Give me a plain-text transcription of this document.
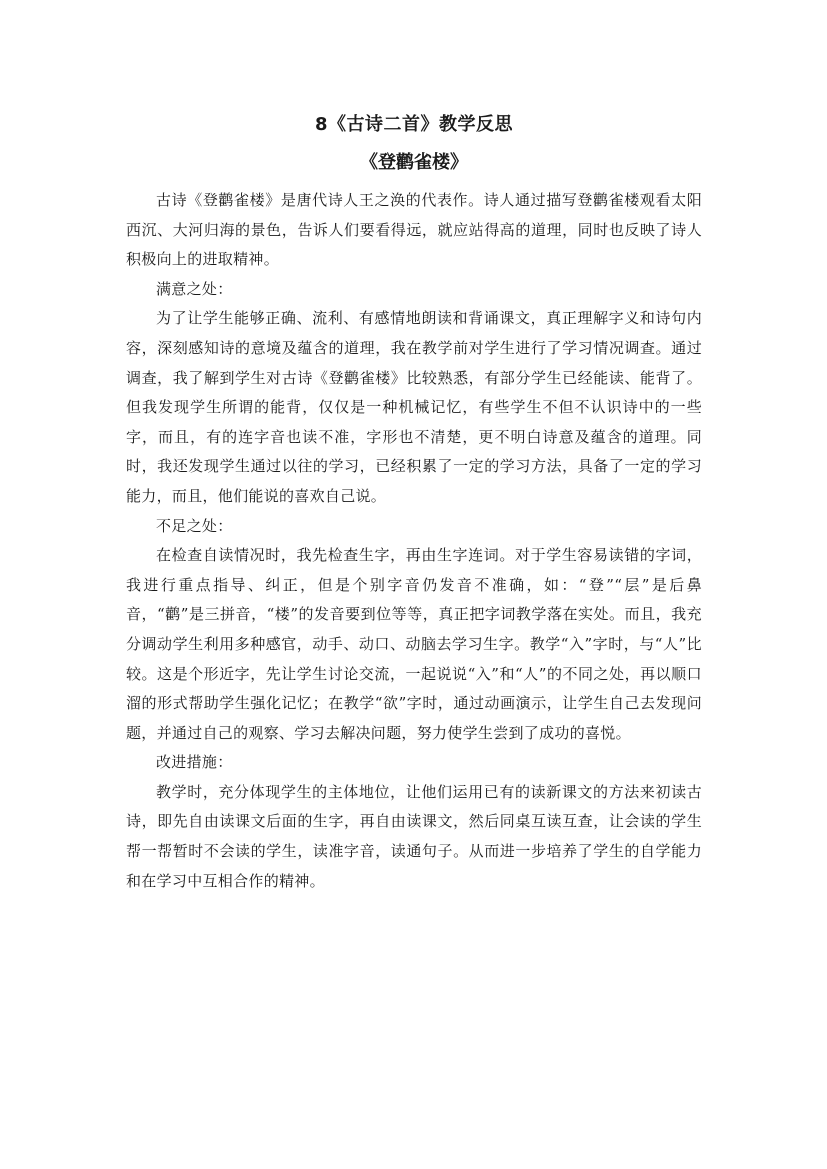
8《古诗二首》教学反思
《登鹳雀楼》

古诗《登鹳雀楼》是唐代诗人王之涣的代表作。诗人通过描写登鹳雀楼观看太阳西沉、大河归海的景色，告诉人们要看得远，就应站得高的道理，同时也反映了诗人积极向上的进取精神。

满意之处：

为了让学生能够正确、流利、有感情地朗读和背诵课文，真正理解字义和诗句内容，深刻感知诗的意境及蕴含的道理，我在教学前对学生进行了学习情况调查。通过调查，我了解到学生对古诗《登鹳雀楼》比较熟悉，有部分学生已经能读、能背了。但我发现学生所谓的能背，仅仅是一种机械记忆，有些学生不但不认识诗中的一些字，而且，有的连字音也读不准，字形也不清楚，更不明白诗意及蕴含的道理。同时，我还发现学生通过以往的学习，已经积累了一定的学习方法，具备了一定的学习能力，而且，他们能说的喜欢自己说。

不足之处：

在检查自读情况时，我先检查生字，再由生字连词。对于学生容易读错的字词，我进行重点指导、纠正，但是个别字音仍发音不准确，如：“登”“层”是后鼻音，“鹳”是三拼音，“楼”的发音要到位等等，真正把字词教学落在实处。而且，我充分调动学生利用多种感官，动手、动口、动脑去学习生字。教学“入”字时，与“人”比较。这是个形近字，先让学生讨论交流，一起说说“入”和“人”的不同之处，再以顺口溜的形式帮助学生强化记忆；在教学“欲”字时，通过动画演示，让学生自己去发现问题，并通过自己的观察、学习去解决问题，努力使学生尝到了成功的喜悦。

改进措施：

教学时，充分体现学生的主体地位，让他们运用已有的读新课文的方法来初读古诗，即先自由读课文后面的生字，再自由读课文，然后同桌互读互查，让会读的学生帮一帮暂时不会读的学生，读准字音，读通句子。从而进一步培养了学生的自学能力和在学习中互相合作的精神。
